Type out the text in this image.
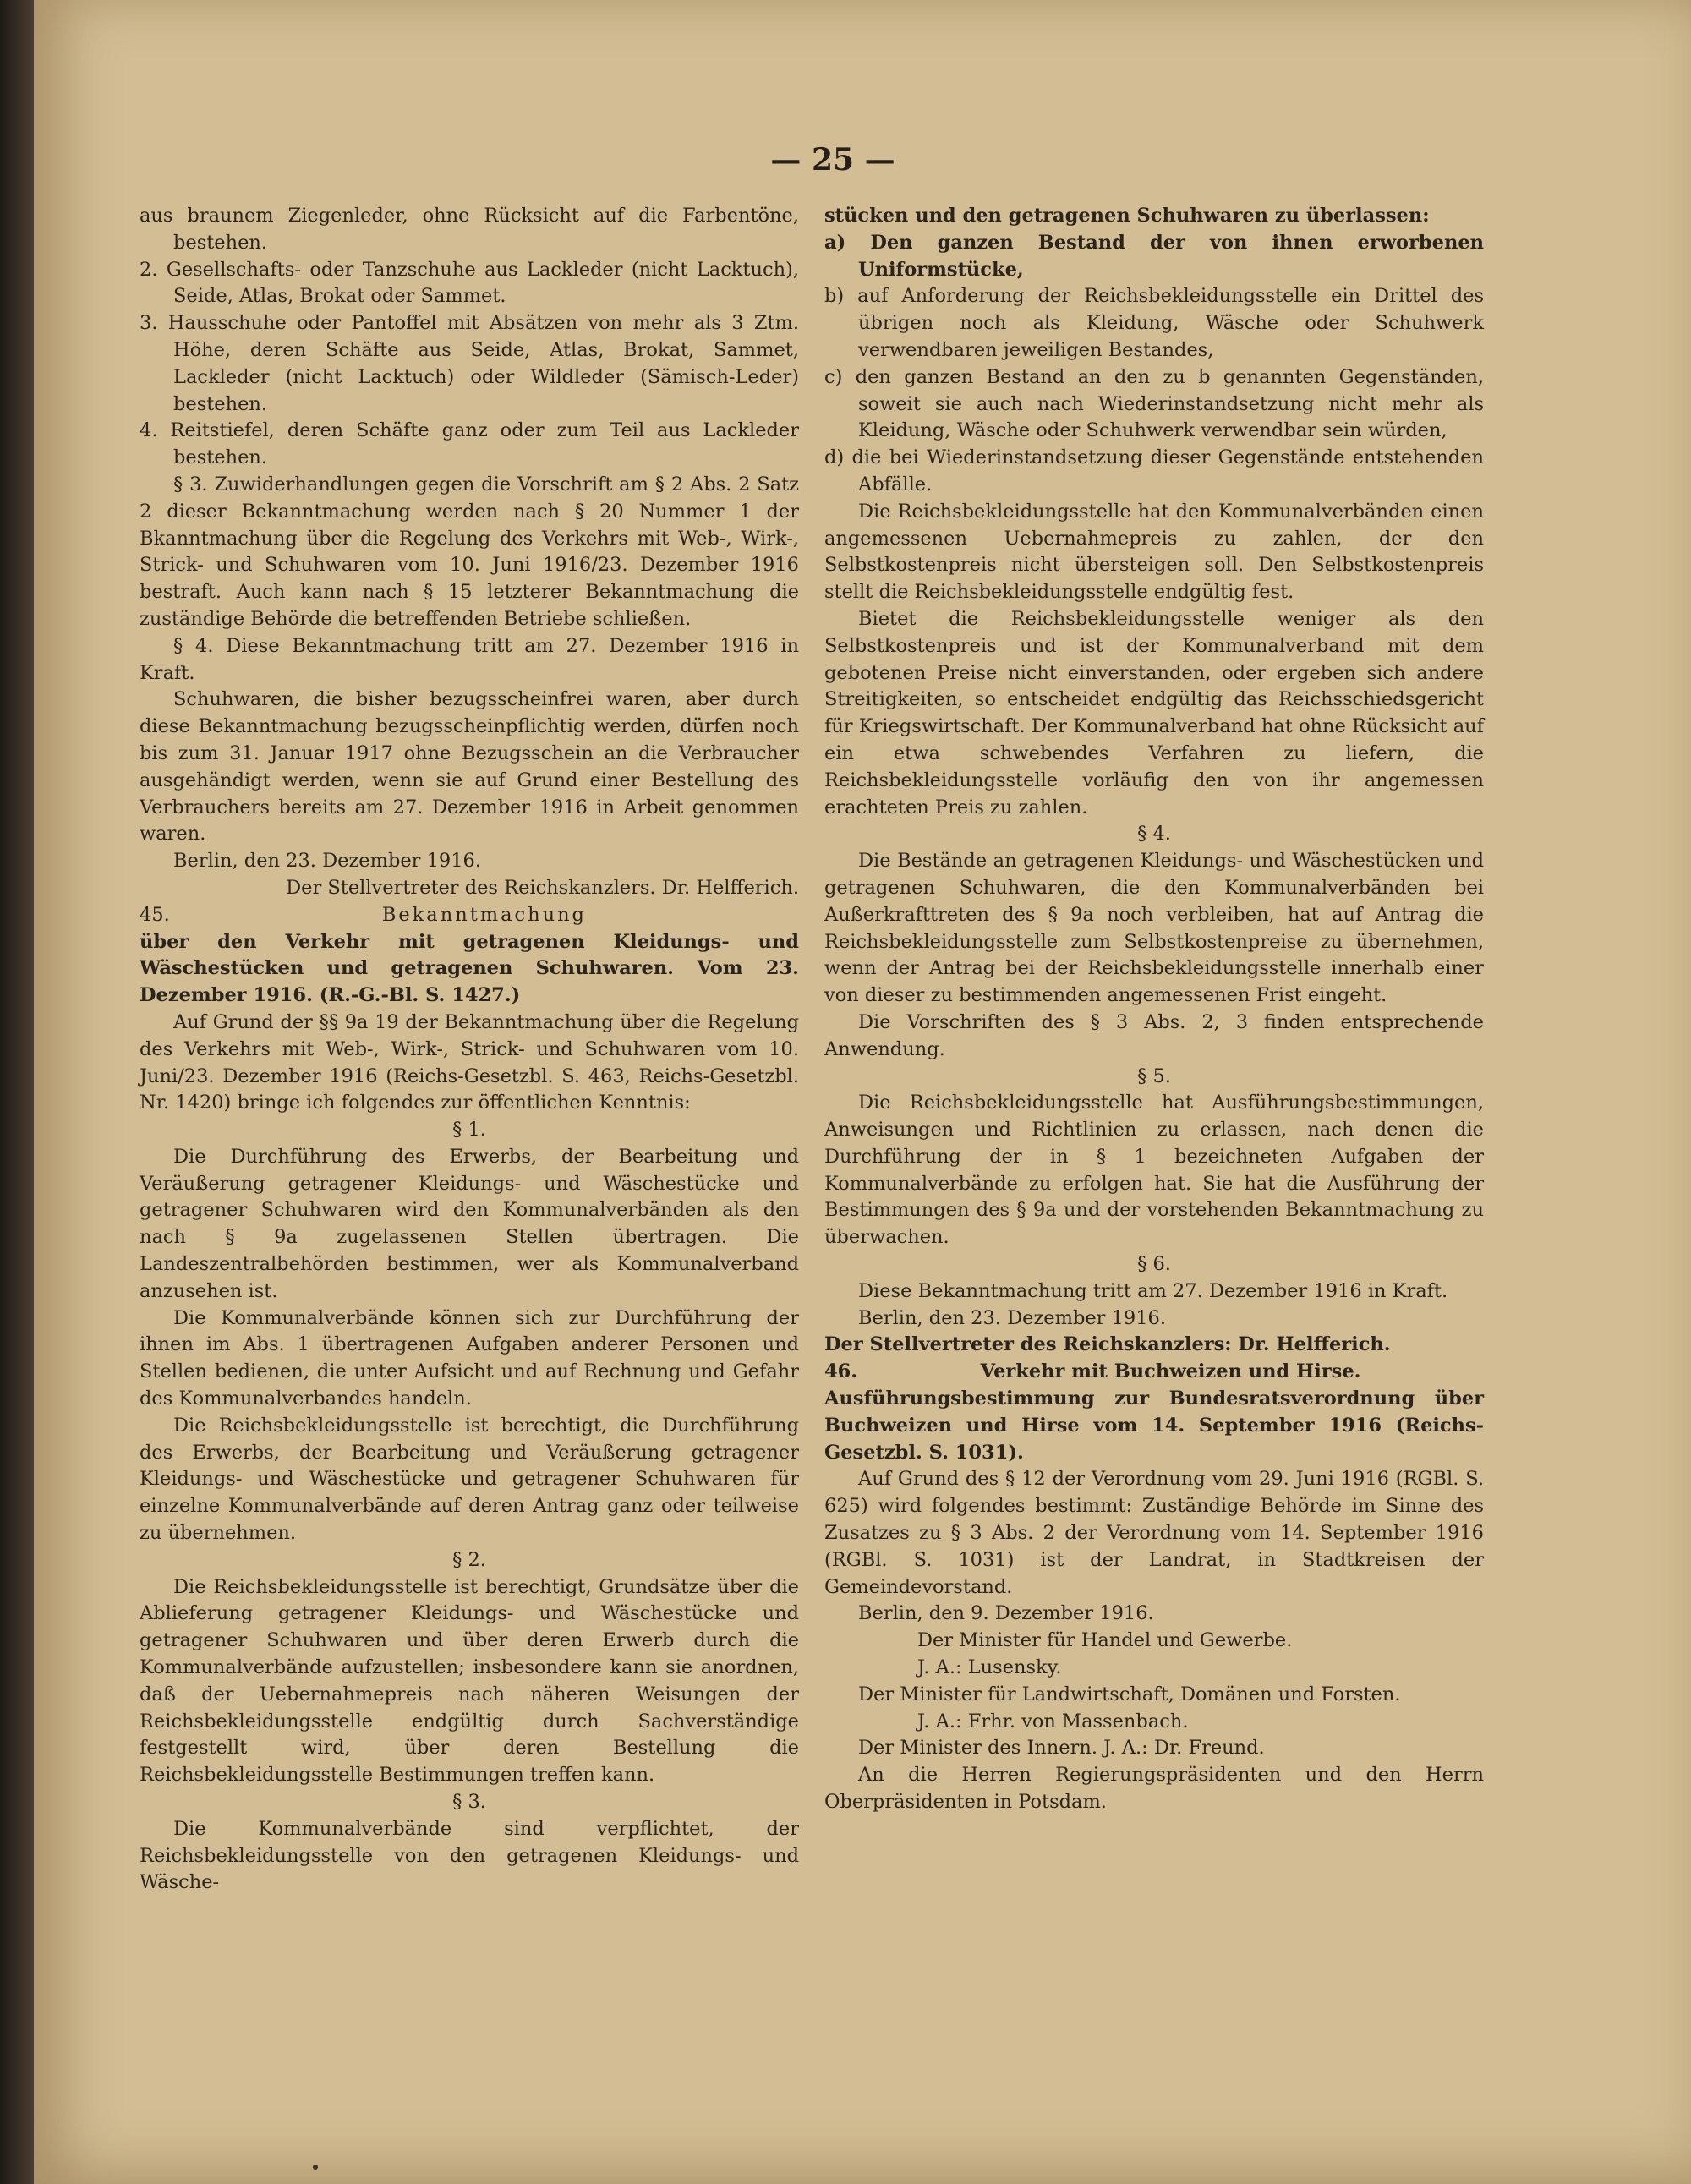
— 25 —

aus braunem Ziegenleder, ohne Rücksicht auf die Farbentöne, bestehen.

2. Gesellschafts- oder Tanzschuhe aus Lackleder (nicht Lacktuch), Seide, Atlas, Brokat oder Sammet.

3. Hausschuhe oder Pantoffel mit Absätzen von mehr als 3 Ztm. Höhe, deren Schäfte aus Seide, Atlas, Brokat, Sammet, Lackleder (nicht Lacktuch) oder Wildleder (Sämisch-Leder) bestehen.

4. Reitstiefel, deren Schäfte ganz oder zum Teil aus Lackleder bestehen.

§ 3. Zuwiderhandlungen gegen die Vorschrift am § 2 Abs. 2 Satz 2 dieser Bekanntmachung werden nach § 20 Nummer 1 der Bkanntmachung über die Regelung des Verkehrs mit Web-, Wirk-, Strick- und Schuhwaren vom 10. Juni 1916/23. Dezember 1916 bestraft. Auch kann nach § 15 letzterer Bekanntmachung die zuständige Behörde die betreffenden Betriebe schließen.

§ 4. Diese Bekanntmachung tritt am 27. Dezember 1916 in Kraft.

Schuhwaren, die bisher bezugsscheinfrei waren, aber durch diese Bekanntmachung bezugsscheinpflichtig werden, dürfen noch bis zum 31. Januar 1917 ohne Bezugsschein an die Verbraucher ausgehändigt werden, wenn sie auf Grund einer Bestellung des Verbrauchers bereits am 27. Dezember 1916 in Arbeit genommen waren.

Berlin, den 23. Dezember 1916.

Der Stellvertreter des Reichskanzlers. Dr. Helfferich.

45.	Bekanntmachung

über den Verkehr mit getragenen Kleidungs- und Wäschestücken und getragenen Schuhwaren. Vom 23. Dezember 1916. (R.-G.-Bl. S. 1427.)

Auf Grund der §§ 9a 19 der Bekanntmachung über die Regelung des Verkehrs mit Web-, Wirk-, Strick- und Schuhwaren vom 10. Juni/23. Dezember 1916 (Reichs-Gesetzbl. S. 463, Reichs-Gesetzbl. Nr. 1420) bringe ich folgendes zur öffentlichen Kenntnis:

§ 1.

Die Durchführung des Erwerbs, der Bearbeitung und Veräußerung getragener Kleidungs- und Wäschestücke und getragener Schuhwaren wird den Kommunalverbänden als den nach § 9a zugelassenen Stellen übertragen. Die Landeszentralbehörden bestimmen, wer als Kommunalverband anzusehen ist.

Die Kommunalverbände können sich zur Durchführung der ihnen im Abs. 1 übertragenen Aufgaben anderer Personen und Stellen bedienen, die unter Aufsicht und auf Rechnung und Gefahr des Kommunalverbandes handeln.

Die Reichsbekleidungsstelle ist berechtigt, die Durchführung des Erwerbs, der Bearbeitung und Veräußerung getragener Kleidungs- und Wäschestücke und getragener Schuhwaren für einzelne Kommunalverbände auf deren Antrag ganz oder teilweise zu übernehmen.

§ 2.

Die Reichsbekleidungsstelle ist berechtigt, Grundsätze über die Ablieferung getragener Kleidungs- und Wäschestücke und getragener Schuhwaren und über deren Erwerb durch die Kommunalverbände aufzustellen; insbesondere kann sie anordnen, daß der Uebernahmepreis nach näheren Weisungen der Reichsbekleidungsstelle endgültig durch Sachverständige festgestellt wird, über deren Bestellung die Reichsbekleidungsstelle Bestimmungen treffen kann.

§ 3.

Die Kommunalverbände sind verpflichtet, der Reichsbekleidungsstelle von den getragenen Kleidungs- und Wäsche-

stücken und den getragenen Schuhwaren zu überlassen:

a) Den ganzen Bestand der von ihnen erworbenen Uniformstücke,

b) auf Anforderung der Reichsbekleidungsstelle ein Drittel des übrigen noch als Kleidung, Wäsche oder Schuhwerk verwendbaren jeweiligen Bestandes,

c) den ganzen Bestand an den zu b genannten Gegenständen, soweit sie auch nach Wiederinstandsetzung nicht mehr als Kleidung, Wäsche oder Schuhwerk verwendbar sein würden,

d) die bei Wiederinstandsetzung dieser Gegenstände entstehenden Abfälle.

Die Reichsbekleidungsstelle hat den Kommunalverbänden einen angemessenen Uebernahmepreis zu zahlen, der den Selbstkostenpreis nicht übersteigen soll. Den Selbstkostenpreis stellt die Reichsbekleidungsstelle endgültig fest.

Bietet die Reichsbekleidungsstelle weniger als den Selbstkostenpreis und ist der Kommunalverband mit dem gebotenen Preise nicht einverstanden, oder ergeben sich andere Streitigkeiten, so entscheidet endgültig das Reichsschiedsgericht für Kriegswirtschaft. Der Kommunalverband hat ohne Rücksicht auf ein etwa schwebendes Verfahren zu liefern, die Reichsbekleidungsstelle vorläufig den von ihr angemessen erachteten Preis zu zahlen.

§ 4.

Die Bestände an getragenen Kleidungs- und Wäschestücken und getragenen Schuhwaren, die den Kommunalverbänden bei Außerkrafttreten des § 9a noch verbleiben, hat auf Antrag die Reichsbekleidungsstelle zum Selbstkostenpreise zu übernehmen, wenn der Antrag bei der Reichsbekleidungsstelle innerhalb einer von dieser zu bestimmenden angemessenen Frist eingeht.

Die Vorschriften des § 3 Abs. 2, 3 finden entsprechende Anwendung.

§ 5.

Die Reichsbekleidungsstelle hat Ausführungsbestimmungen, Anweisungen und Richtlinien zu erlassen, nach denen die Durchführung der in § 1 bezeichneten Aufgaben der Kommunalverbände zu erfolgen hat. Sie hat die Ausführung der Bestimmungen des § 9a und der vorstehenden Bekanntmachung zu überwachen.

§ 6.

Diese Bekanntmachung tritt am 27. Dezember 1916 in Kraft.

Berlin, den 23. Dezember 1916.

Der Stellvertreter des Reichskanzlers: Dr. Helfferich.

46.	Verkehr mit Buchweizen und Hirse.

Ausführungsbestimmung zur Bundesratsverordnung über Buchweizen und Hirse vom 14. September 1916 (Reichs-Gesetzbl. S. 1031).

Auf Grund des § 12 der Verordnung vom 29. Juni 1916 (RGBl. S. 625) wird folgendes bestimmt: Zuständige Behörde im Sinne des Zusatzes zu § 3 Abs. 2 der Verordnung vom 14. September 1916 (RGBl. S. 1031) ist der Landrat, in Stadtkreisen der Gemeindevorstand.

Berlin, den 9. Dezember 1916.

Der Minister für Handel und Gewerbe.

J. A.: Lusensky.

Der Minister für Landwirtschaft, Domänen und Forsten.

J. A.: Frhr. von Massenbach.

Der Minister des Innern. J. A.: Dr. Freund.

An die Herren Regierungspräsidenten und den Herrn Oberpräsidenten in Potsdam.
